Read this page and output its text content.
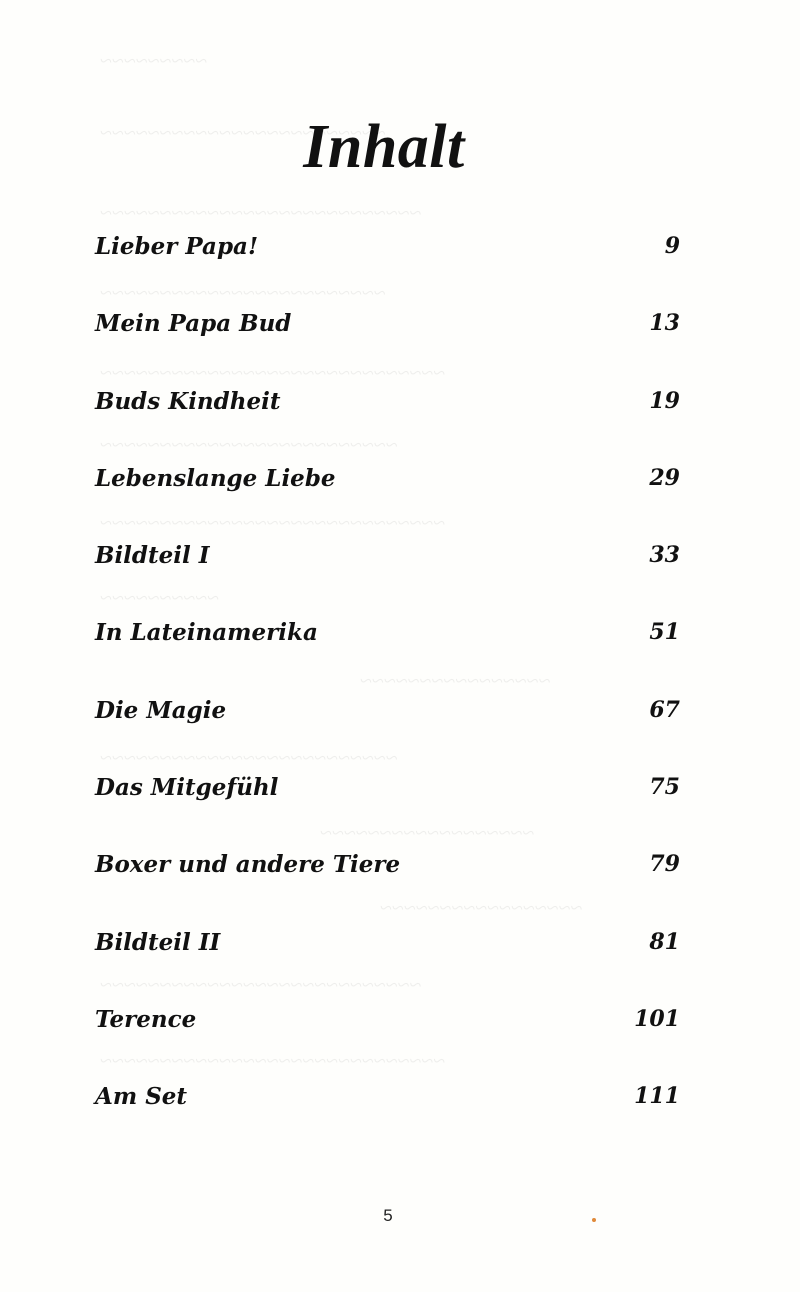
~~~~~~~~~
~~~~~~~~~~~~~~~~~~~~~~~~
~~~~~~~~~~~~~~~~~~~~~~~~~~~
~~~~~~~~~~~~~~~~~~~~~~~~
~~~~~~~~~~~~~~~~~~~~~~~~~~~~~
~~~~~~~~~~~~~~~~~~~~~~~~~
~~~~~~~~~~~~~~~~~~~~~~~~~~~~~
~~~~~~~~~~
~~~~~~~~~~~~~~~~
~~~~~~~~~~~~~~~~~~~~~~~~~
~~~~~~~~~~~~~~~~~~
~~~~~~~~~~~~~~~~~
~~~~~~~~~~~~~~~~~~~~~~~~~~~
~~~~~~~~~~~~~~~~~~~~~~~~~~~~~
Inhalt
Lieber Papa!	9
Mein Papa Bud	13
Buds Kindheit	19
Lebenslange Liebe	29
Bildteil I	33
In Lateinamerika	51
Die Magie	67
Das Mitgefühl	75
Boxer und andere Tiere	79
Bildteil II	81
Terence	101
Am Set	111
5
